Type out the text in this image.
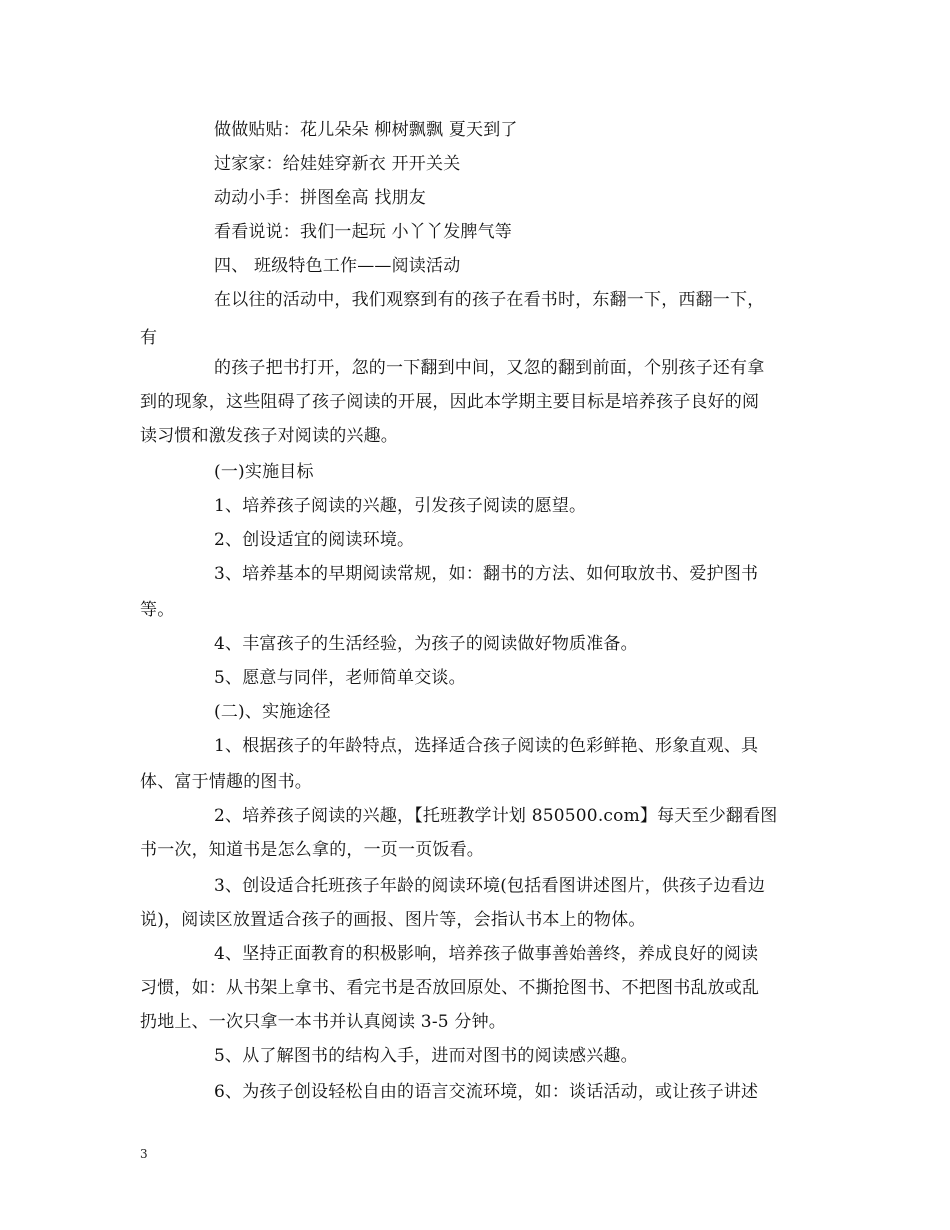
做做贴贴：花儿朵朵 柳树飘飘 夏天到了
过家家：给娃娃穿新衣 开开关关
动动小手：拼图垒高 找朋友
看看说说：我们一起玩 小丫丫发脾气等
四、 班级特色工作——阅读活动
在以往的活动中，我们观察到有的孩子在看书时，东翻一下，西翻一下，
有
的孩子把书打开，忽的一下翻到中间，又忽的翻到前面，个别孩子还有拿
到的现象，这些阻碍了孩子阅读的开展，因此本学期主要目标是培养孩子良好的阅
读习惯和激发孩子对阅读的兴趣。
(一)实施目标
1、培养孩子阅读的兴趣，引发孩子阅读的愿望。
2、创设适宜的阅读环境。
3、培养基本的早期阅读常规，如：翻书的方法、如何取放书、爱护图书
等。
4、丰富孩子的生活经验，为孩子的阅读做好物质准备。
5、愿意与同伴，老师简单交谈。
(二)、实施途径
1、根据孩子的年龄特点，选择适合孩子阅读的色彩鲜艳、形象直观、具
体、富于情趣的图书。
2、培养孩子阅读的兴趣，【托班教学计划 850500.com】每天至少翻看图
书一次，知道书是怎么拿的，一页一页饭看。
3、创设适合托班孩子年龄的阅读环境(包括看图讲述图片，供孩子边看边
说)，阅读区放置适合孩子的画报、图片等，会指认书本上的物体。
4、坚持正面教育的积极影响，培养孩子做事善始善终，养成良好的阅读
习惯，如：从书架上拿书、看完书是否放回原处、不撕抢图书、不把图书乱放或乱
扔地上、一次只拿一本书并认真阅读 3-5 分钟。
5、从了解图书的结构入手，进而对图书的阅读感兴趣。
6、为孩子创设轻松自由的语言交流环境，如：谈话活动，或让孩子讲述
3
